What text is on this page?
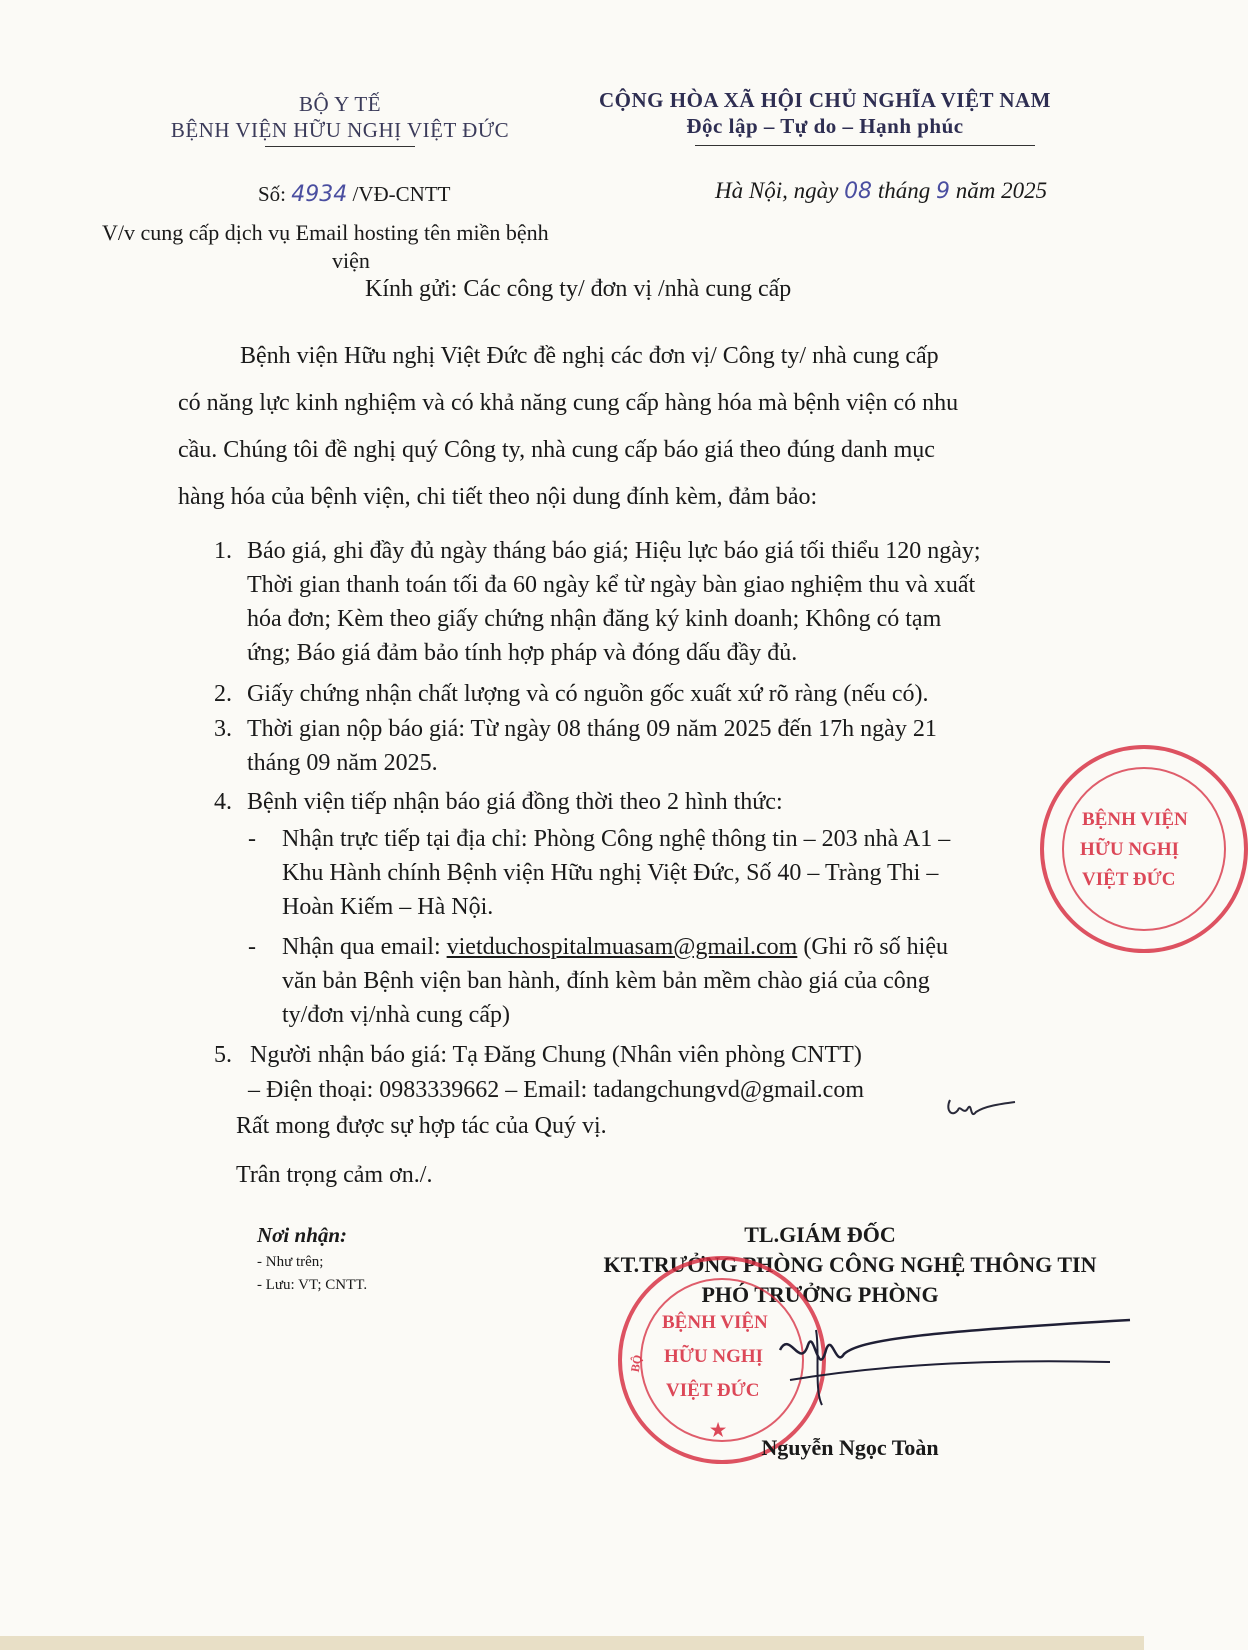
BỘ Y TẾ
BỆNH VIỆN HỮU NGHỊ VIỆT ĐỨC
CỘNG HÒA XÃ HỘI CHỦ NGHĨA VIỆT NAM
Độc lập – Tự do – Hạnh phúc
Số: 4934 /VĐ-CNTT	Hà Nội, ngày 08 tháng 9 năm 2025
V/v cung cấp dịch vụ Email hosting tên miền bệnh
viện
Kính gửi: Các công ty/ đơn vị /nhà cung cấp
Bệnh viện Hữu nghị Việt Đức đề nghị các đơn vị/ Công ty/ nhà cung cấp
có năng lực kinh nghiệm và có khả năng cung cấp hàng hóa mà bệnh viện có nhu
cầu. Chúng tôi đề nghị quý Công ty, nhà cung cấp báo giá theo đúng danh mục
hàng hóa của bệnh viện, chi tiết theo nội dung đính kèm, đảm bảo:
1. Báo giá, ghi đầy đủ ngày tháng báo giá; Hiệu lực báo giá tối thiểu 120 ngày;
Thời gian thanh toán tối đa 60 ngày kể từ ngày bàn giao nghiệm thu và xuất
hóa đơn; Kèm theo giấy chứng nhận đăng ký kinh doanh; Không có tạm
ứng; Báo giá đảm bảo tính hợp pháp và đóng dấu đầy đủ.
2. Giấy chứng nhận chất lượng và có nguồn gốc xuất xứ rõ ràng (nếu có).
3. Thời gian nộp báo giá: Từ ngày 08 tháng 09 năm 2025 đến 17h ngày 21
tháng 09 năm 2025.
4. Bệnh viện tiếp nhận báo giá đồng thời theo 2 hình thức:
- Nhận trực tiếp tại địa chỉ: Phòng Công nghệ thông tin – 203 nhà A1 –
Khu Hành chính Bệnh viện Hữu nghị Việt Đức, Số 40 – Tràng Thi –
Hoàn Kiếm – Hà Nội.
- Nhận qua email: vietduchospitalmuasam@gmail.com (Ghi rõ số hiệu
văn bản Bệnh viện ban hành, đính kèm bản mềm chào giá của công
ty/đơn vị/nhà cung cấp)
5. Người nhận báo giá: Tạ Đăng Chung (Nhân viên phòng CNTT)
– Điện thoại: 0983339662 – Email: tadangchungvd@gmail.com
Rất mong được sự hợp tác của Quý vị.
Trân trọng cảm ơn./.
Nơi nhận:
- Như trên;
- Lưu: VT; CNTT.
TL.GIÁM ĐỐC
KT.TRƯỞNG PHÒNG CÔNG NGHỆ THÔNG TIN
PHÓ TRƯỞNG PHÒNG
BỆNH VIỆN
HỮU NGHỊ
VIỆT ĐỨC
BỆNH VIỆN
HỮU NGHỊ
VIỆT ĐỨC
BỘ
★
Nguyễn Ngọc Toàn
